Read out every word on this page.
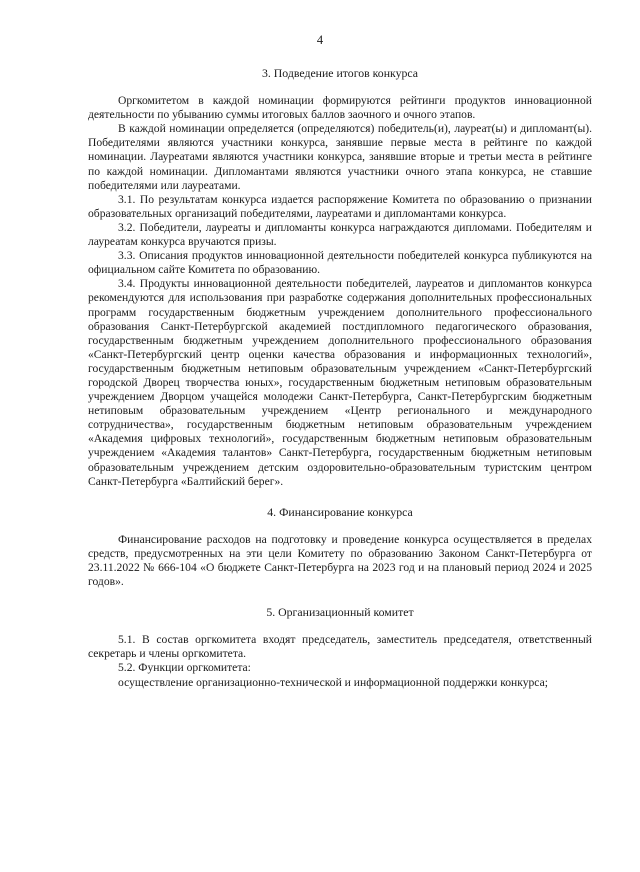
4
3. Подведение итогов конкурса

Оргкомитетом в каждой номинации формируются рейтинги продуктов инновационной деятельности по убыванию суммы итоговых баллов заочного и очного этапов.

В каждой номинации определяется (определяются) победитель(и), лауреат(ы) и дипломант(ы). Победителями являются участники конкурса, занявшие первые места в рейтинге по каждой номинации. Лауреатами являются участники конкурса, занявшие вторые и третьи места в рейтинге по каждой номинации. Дипломантами являются участники очного этапа конкурса, не ставшие победителями или лауреатами.

3.1. По результатам конкурса издается распоряжение Комитета по образованию о признании образовательных организаций победителями, лауреатами и дипломантами конкурса.

3.2. Победители, лауреаты и дипломанты конкурса награждаются дипломами. Победителям и лауреатам конкурса вручаются призы.

3.3. Описания продуктов инновационной деятельности победителей конкурса публикуются на официальном сайте Комитета по образованию.

3.4. Продукты инновационной деятельности победителей, лауреатов и дипломантов конкурса рекомендуются для использования при разработке содержания дополнительных профессиональных программ государственным бюджетным учреждением дополнительного профессионального образования Санкт-Петербургской академией постдипломного педагогического образования, государственным бюджетным учреждением дополнительного профессионального образования «Санкт-Петербургский центр оценки качества образования и информационных технологий», государственным бюджетным нетиповым образовательным учреждением «Санкт-Петербургский городской Дворец творчества юных», государственным бюджетным нетиповым образовательным учреждением Дворцом учащейся молодежи Санкт-Петербурга, Санкт-Петербургским бюджетным нетиповым образовательным учреждением «Центр регионального и международного сотрудничества», государственным бюджетным нетиповым образовательным учреждением «Академия цифровых технологий», государственным бюджетным нетиповым образовательным учреждением «Академия талантов» Санкт-Петербурга, государственным бюджетным нетиповым образовательным учреждением детским оздоровительно-образовательным туристским центром Санкт-Петербурга «Балтийский берег».

4. Финансирование конкурса

Финансирование расходов на подготовку и проведение конкурса осуществляется в пределах средств, предусмотренных на эти цели Комитету по образованию Законом Санкт-Петербурга от 23.11.2022 № 666-104 «О бюджете Санкт-Петербурга на 2023 год и на плановый период 2024 и 2025 годов».

5. Организационный комитет

5.1. В состав оргкомитета входят председатель, заместитель председателя, ответственный секретарь и члены оргкомитета.

5.2. Функции оргкомитета:

осуществление организационно-технической и информационной поддержки конкурса;
